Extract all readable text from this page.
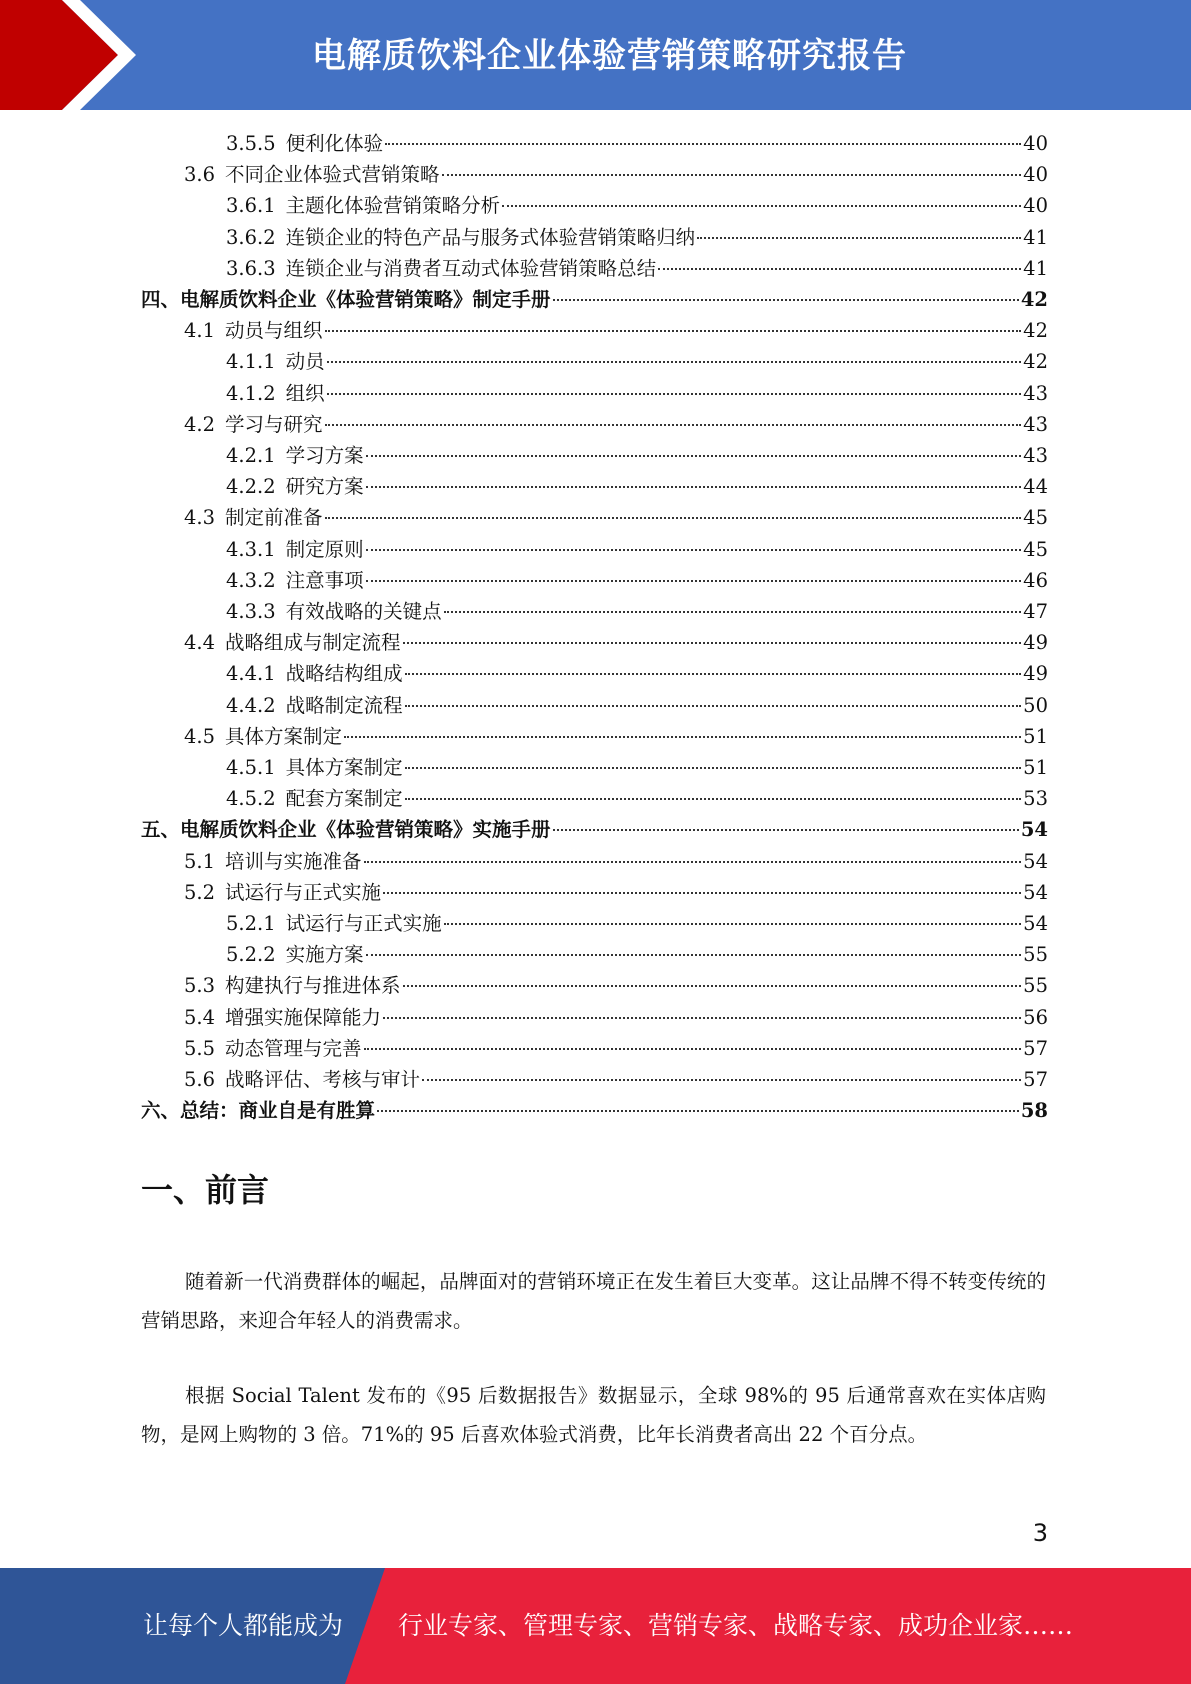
电解质饮料企业体验营销策略研究报告
3.5.5 便利化体验	40
3.6 不同企业体验式营销策略	40
3.6.1 主题化体验营销策略分析	40
3.6.2 连锁企业的特色产品与服务式体验营销策略归纳	41
3.6.3 连锁企业与消费者互动式体验营销策略总结	41
四、电解质饮料企业《体验营销策略》制定手册	42
4.1 动员与组织	42
4.1.1 动员	42
4.1.2 组织	43
4.2 学习与研究	43
4.2.1 学习方案	43
4.2.2 研究方案	44
4.3 制定前准备	45
4.3.1 制定原则	45
4.3.2 注意事项	46
4.3.3 有效战略的关键点	47
4.4 战略组成与制定流程	49
4.4.1 战略结构组成	49
4.4.2 战略制定流程	50
4.5 具体方案制定	51
4.5.1 具体方案制定	51
4.5.2 配套方案制定	53
五、电解质饮料企业《体验营销策略》实施手册	54
5.1 培训与实施准备	54
5.2 试运行与正式实施	54
5.2.1 试运行与正式实施	54
5.2.2 实施方案	55
5.3 构建执行与推进体系	55
5.4 增强实施保障能力	56
5.5 动态管理与完善	57
5.6 战略评估、考核与审计	57
六、总结：商业自是有胜算	58
一、前言
随着新一代消费群体的崛起，品牌面对的营销环境正在发生着巨大变革。这让品牌不得不转变传统的营销思路，来迎合年轻人的消费需求。
根据 Social Talent 发布的《95 后数据报告》数据显示，全球 98%的 95 后通常喜欢在实体店购物，是网上购物的 3 倍。71%的 95 后喜欢体验式消费，比年长消费者高出 22 个百分点。
3
让每个人都能成为 行业专家、管理专家、营销专家、战略专家、成功企业家……
